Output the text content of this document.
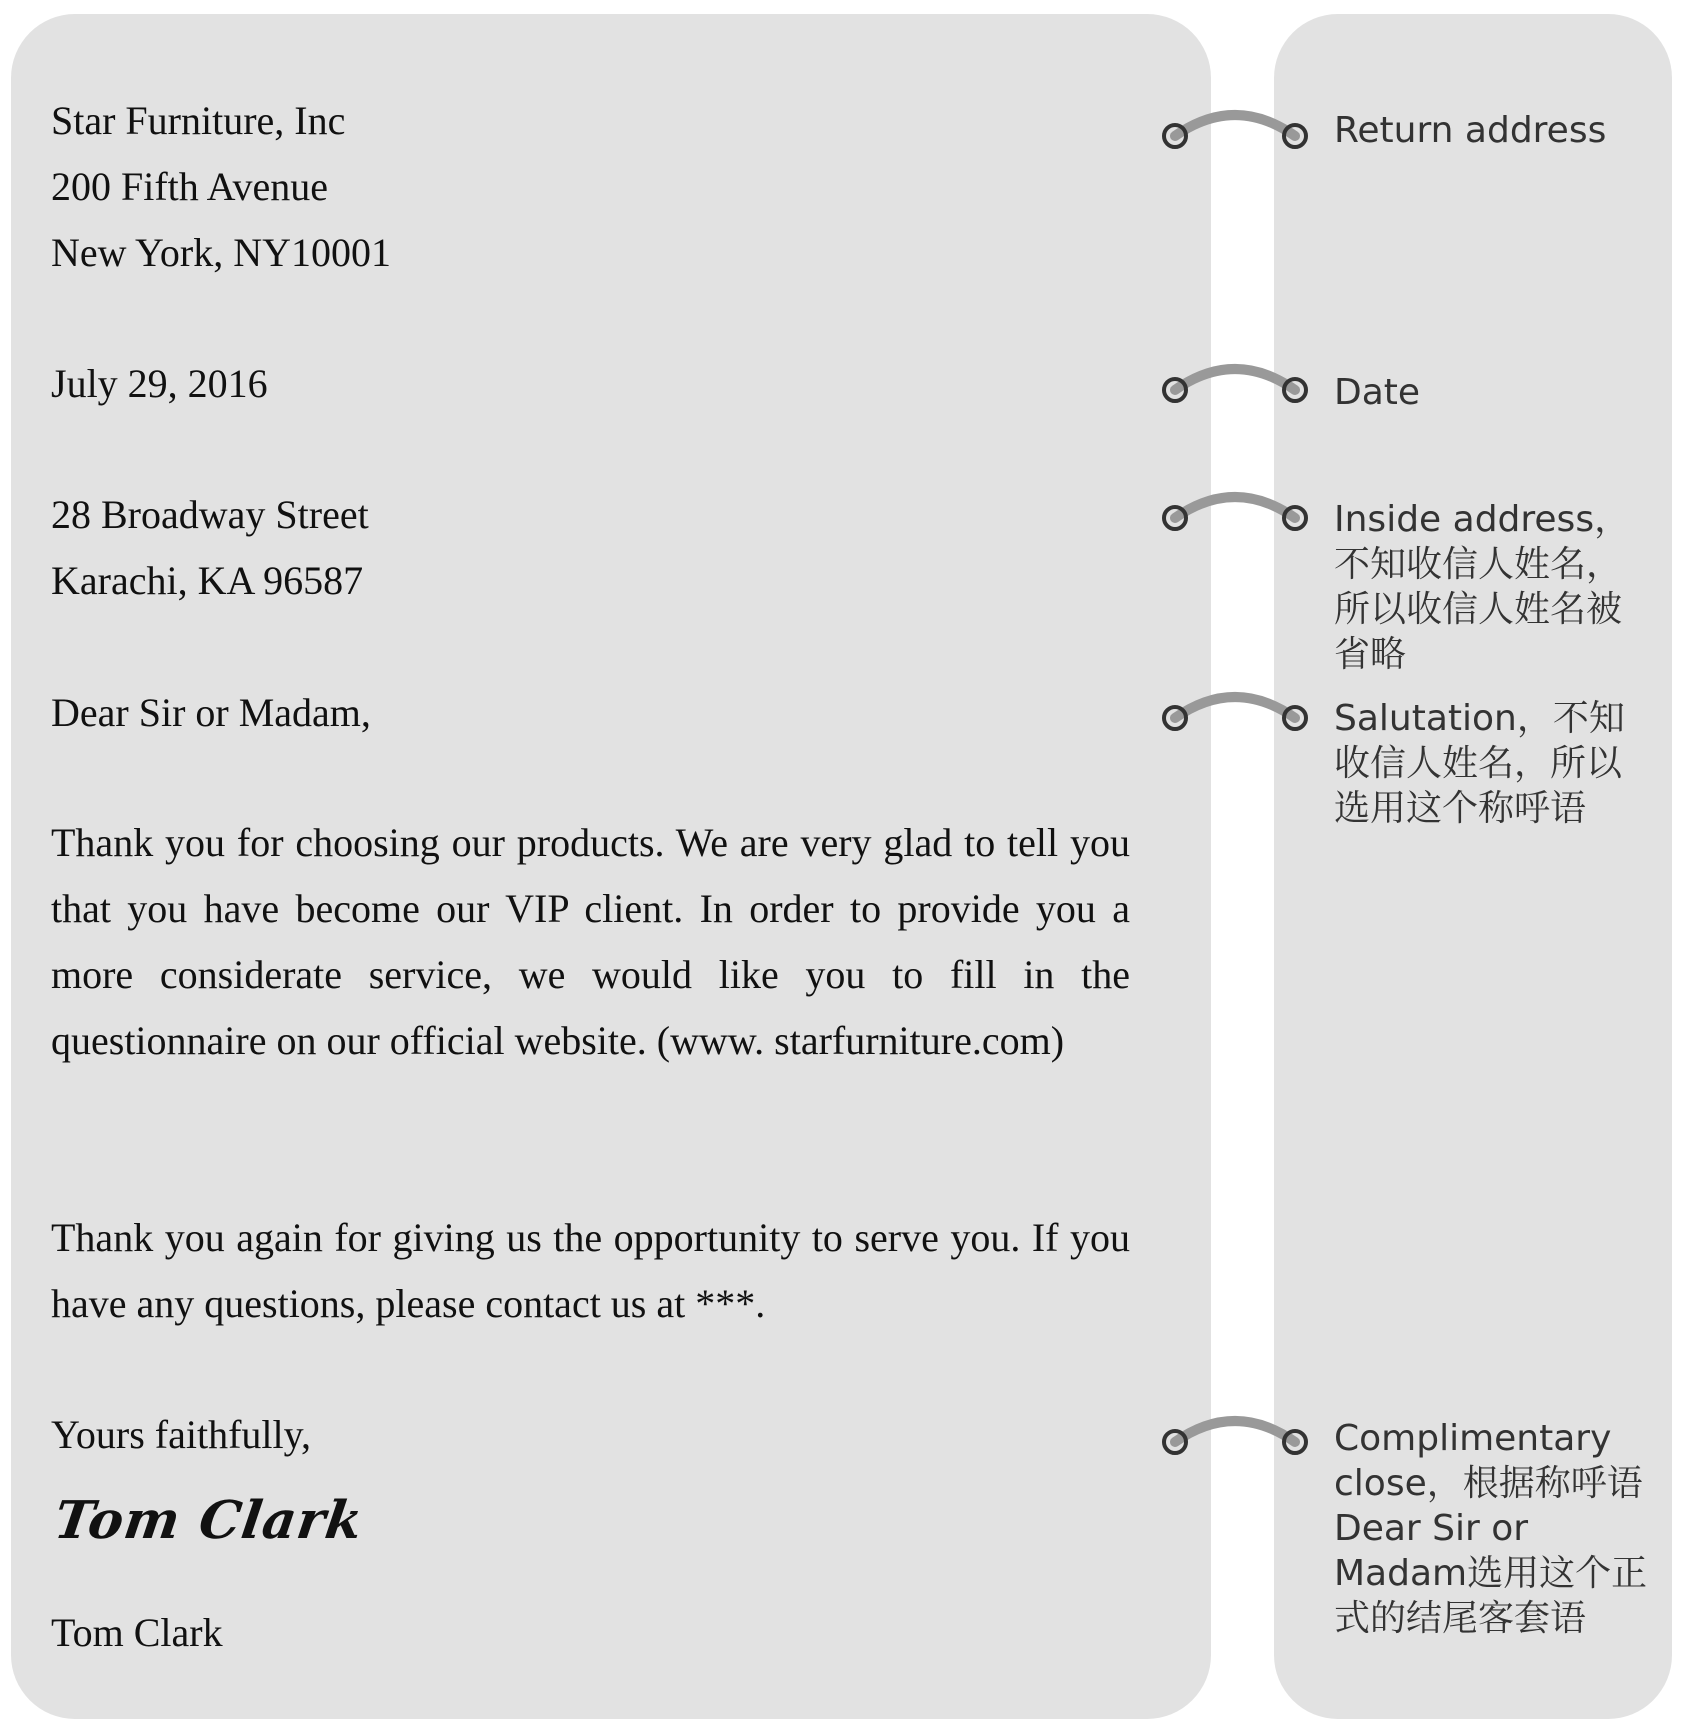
Star Furniture, Inc

200 Fifth Avenue

New York, NY10001

July 29, 2016

28 Broadway Street

Karachi, KA 96587

Dear Sir or Madam,

Thank you for choosing our products. We are very glad to tell you that you have become our VIP client. In order to provide you a more considerate service, we would like you to fill in the questionnaire on our official website. (www. starfurniture.com)

Thank you again for giving us the opportunity to serve you. If you have any questions, please contact us at ***.

Yours faithfully,

Tom Clark

Tom Clark

Return address

Date

Inside address，不知收信人姓名，所以收信人姓名被省略

Salutation，不知收信人姓名，所以选用这个称呼语

Complimentary close，根据称呼语Dear Sir or Madam选用这个正式的结尾客套语
